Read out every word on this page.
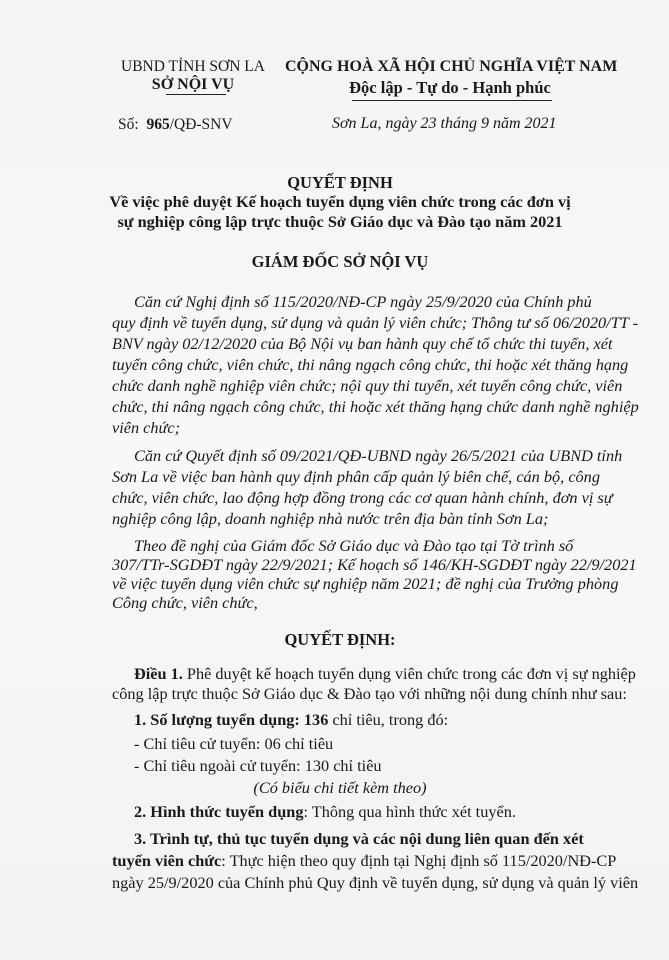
UBND TỈNH SƠN LA
SỞ NỘI VỤ
CỘNG HOÀ XÃ HỘI CHỦ NGHĨA VIỆT NAM
Độc lập - Tự do - Hạnh phúc
Số: 965/QĐ-SNV	Sơn La, ngày 23 tháng 9 năm 2021
QUYẾT ĐỊNH
Về việc phê duyệt Kế hoạch tuyển dụng viên chức trong các đơn vị
sự nghiệp công lập trực thuộc Sở Giáo dục và Đào tạo năm 2021
GIÁM ĐỐC SỞ NỘI VỤ
Căn cứ Nghị định số 115/2020/NĐ-CP ngày 25/9/2020 của Chính phủ
quy định về tuyển dụng, sử dụng và quản lý viên chức; Thông tư số 06/2020/TT -
BNV ngày 02/12/2020 của Bộ Nội vụ ban hành quy chế tổ chức thi tuyển, xét
tuyển công chức, viên chức, thi nâng ngạch công chức, thi hoặc xét thăng hạng
chức danh nghề nghiệp viên chức; nội quy thi tuyển, xét tuyển công chức, viên
chức, thi nâng ngạch công chức, thi hoặc xét thăng hạng chức danh nghề nghiệp
viên chức;
Căn cứ Quyết định số 09/2021/QĐ-UBND ngày 26/5/2021 của UBND tỉnh
Sơn La về việc ban hành quy định phân cấp quản lý biên chế, cán bộ, công
chức, viên chức, lao động hợp đồng trong các cơ quan hành chính, đơn vị sự
nghiệp công lập, doanh nghiệp nhà nước trên địa bàn tỉnh Sơn La;
Theo đề nghị của Giám đốc Sở Giáo dục và Đào tạo tại Tờ trình số
307/TTr-SGDĐT ngày 22/9/2021; Kế hoạch số 146/KH-SGDĐT ngày 22/9/2021
về việc tuyển dụng viên chức sự nghiệp năm 2021; đề nghị của Trưởng phòng
Công chức, viên chức,
QUYẾT ĐỊNH:
Điều 1. Phê duyệt kế hoạch tuyển dụng viên chức trong các đơn vị sự nghiệp
công lập trực thuộc Sở Giáo dục & Đào tạo với những nội dung chính như sau:
1. Số lượng tuyển dụng: 136 chỉ tiêu, trong đó:
- Chỉ tiêu cử tuyển: 06 chỉ tiêu
- Chỉ tiêu ngoài cử tuyển: 130 chỉ tiêu
(Có biểu chi tiết kèm theo)
2. Hình thức tuyển dụng: Thông qua hình thức xét tuyển.
3. Trình tự, thủ tục tuyển dụng và các nội dung liên quan đến xét
tuyển viên chức: Thực hiện theo quy định tại Nghị định số 115/2020/NĐ-CP
ngày 25/9/2020 của Chính phủ Quy định về tuyển dụng, sử dụng và quản lý viên
